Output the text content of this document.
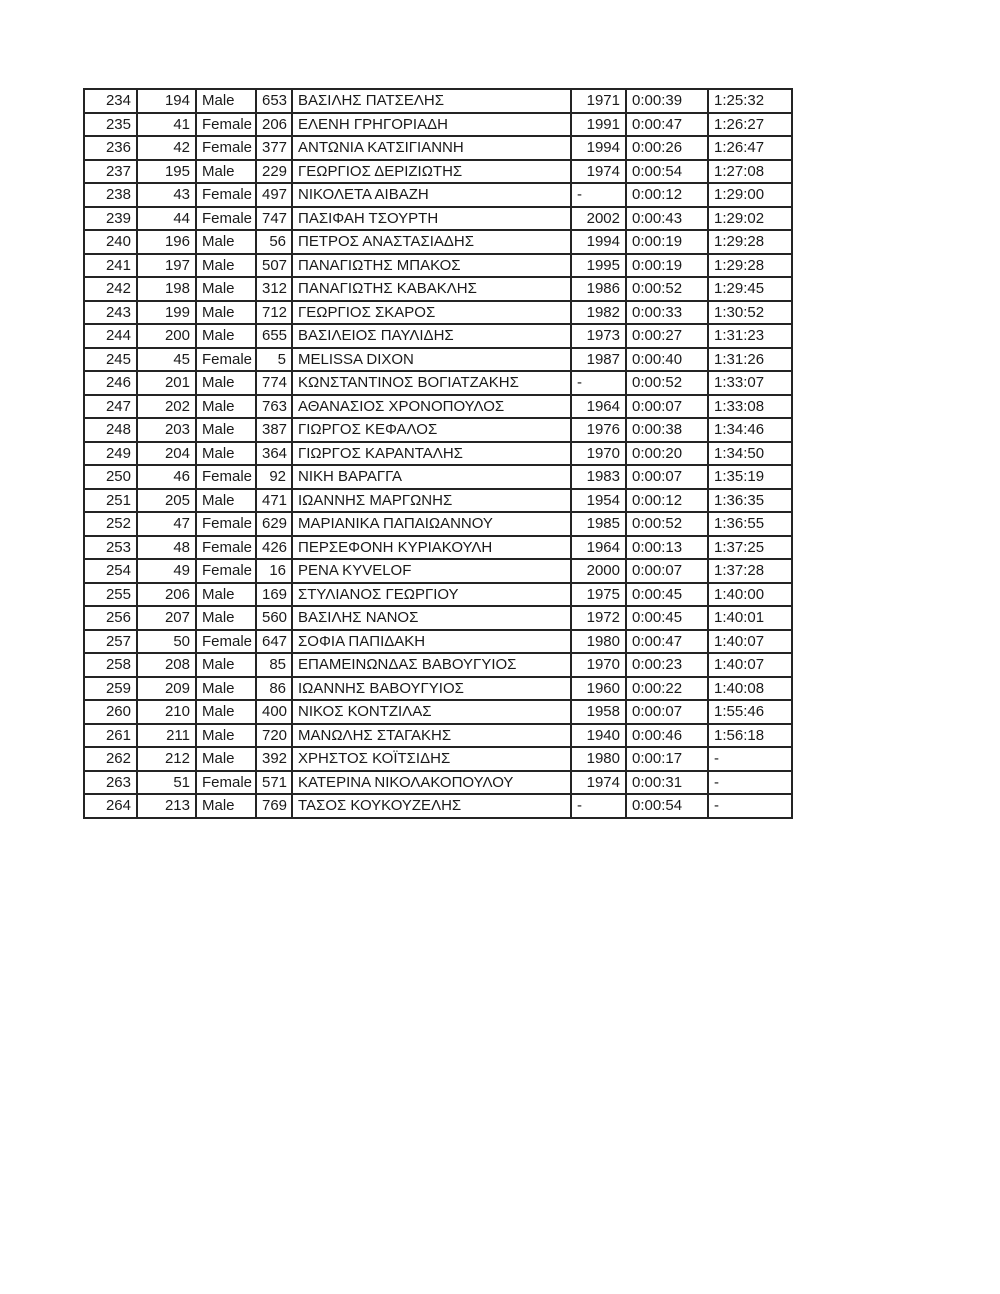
234	194	Male	653	ΒΑΣΙΛΗΣ ΠΑΤΣΕΛΗΣ	1971	0:00:39	1:25:32
235	41	Female	206	ΕΛΕΝΗ ΓΡΗΓΟΡΙΑΔΗ	1991	0:00:47	1:26:27
236	42	Female	377	ΑΝΤΩΝΙΑ ΚΑΤΣΙΓΙΑΝΝΗ	1994	0:00:26	1:26:47
237	195	Male	229	ΓΕΩΡΓΙΟΣ ΔΕΡΙΖΙΩΤΗΣ	1974	0:00:54	1:27:08
238	43	Female	497	ΝΙΚΟΛΕΤΑ ΑΙΒΑΖΗ	-	0:00:12	1:29:00
239	44	Female	747	ΠΑΣΙΦΑΗ ΤΣΟΥΡΤΗ	2002	0:00:43	1:29:02
240	196	Male	56	ΠΕΤΡΟΣ ΑΝΑΣΤΑΣΙΑΔΗΣ	1994	0:00:19	1:29:28
241	197	Male	507	ΠΑΝΑΓΙΩΤΗΣ ΜΠΑΚΟΣ	1995	0:00:19	1:29:28
242	198	Male	312	ΠΑΝΑΓΙΩΤΗΣ ΚΑΒΑΚΛΗΣ	1986	0:00:52	1:29:45
243	199	Male	712	ΓΕΩΡΓΙΟΣ ΣΚΑΡΟΣ	1982	0:00:33	1:30:52
244	200	Male	655	ΒΑΣΙΛΕΙΟΣ ΠΑΥΛΙΔΗΣ	1973	0:00:27	1:31:23
245	45	Female	5	MELISSA DIXON	1987	0:00:40	1:31:26
246	201	Male	774	ΚΩΝΣΤΑΝΤΙΝΟΣ ΒΟΓΙΑΤΖΑΚΗΣ	-	0:00:52	1:33:07
247	202	Male	763	ΑΘΑΝΑΣΙΟΣ ΧΡΟΝΟΠΟΥΛΟΣ	1964	0:00:07	1:33:08
248	203	Male	387	ΓΙΩΡΓΟΣ ΚΕΦΑΛΟΣ	1976	0:00:38	1:34:46
249	204	Male	364	ΓΙΩΡΓΟΣ ΚΑΡΑΝΤΑΛΗΣ	1970	0:00:20	1:34:50
250	46	Female	92	ΝΙΚΗ ΒΑΡΑΓΓΑ	1983	0:00:07	1:35:19
251	205	Male	471	ΙΩΑΝΝΗΣ ΜΑΡΓΩΝΗΣ	1954	0:00:12	1:36:35
252	47	Female	629	ΜΑΡΙΑΝΙΚΑ ΠΑΠΑΙΩΑΝΝΟΥ	1985	0:00:52	1:36:55
253	48	Female	426	ΠΕΡΣΕΦΟΝΗ ΚΥΡΙΑΚΟΥΛΗ	1964	0:00:13	1:37:25
254	49	Female	16	PENA KYVELOF	2000	0:00:07	1:37:28
255	206	Male	169	ΣΤΥΛΙΑΝΟΣ ΓΕΩΡΓΙΟΥ	1975	0:00:45	1:40:00
256	207	Male	560	ΒΑΣΙΛΗΣ ΝΑΝΟΣ	1972	0:00:45	1:40:01
257	50	Female	647	ΣΟΦΙΑ ΠΑΠΙΔΑΚΗ	1980	0:00:47	1:40:07
258	208	Male	85	ΕΠΑΜΕΙΝΩΝΔΑΣ ΒΑΒΟΥΓΥΙΟΣ	1970	0:00:23	1:40:07
259	209	Male	86	ΙΩΑΝΝΗΣ ΒΑΒΟΥΓΥΙΟΣ	1960	0:00:22	1:40:08
260	210	Male	400	ΝΙΚΟΣ ΚΟΝΤΖΙΛΑΣ	1958	0:00:07	1:55:46
261	211	Male	720	ΜΑΝΩΛΗΣ ΣΤΑΓΑΚΗΣ	1940	0:00:46	1:56:18
262	212	Male	392	ΧΡΗΣΤΟΣ ΚΟΪΤΣΙΔΗΣ	1980	0:00:17	-
263	51	Female	571	ΚΑΤΕΡΙΝΑ ΝΙΚΟΛΑΚΟΠΟΥΛΟΥ	1974	0:00:31	-
264	213	Male	769	ΤΑΣΟΣ ΚΟΥΚΟΥΖΕΛΗΣ	-	0:00:54	-
